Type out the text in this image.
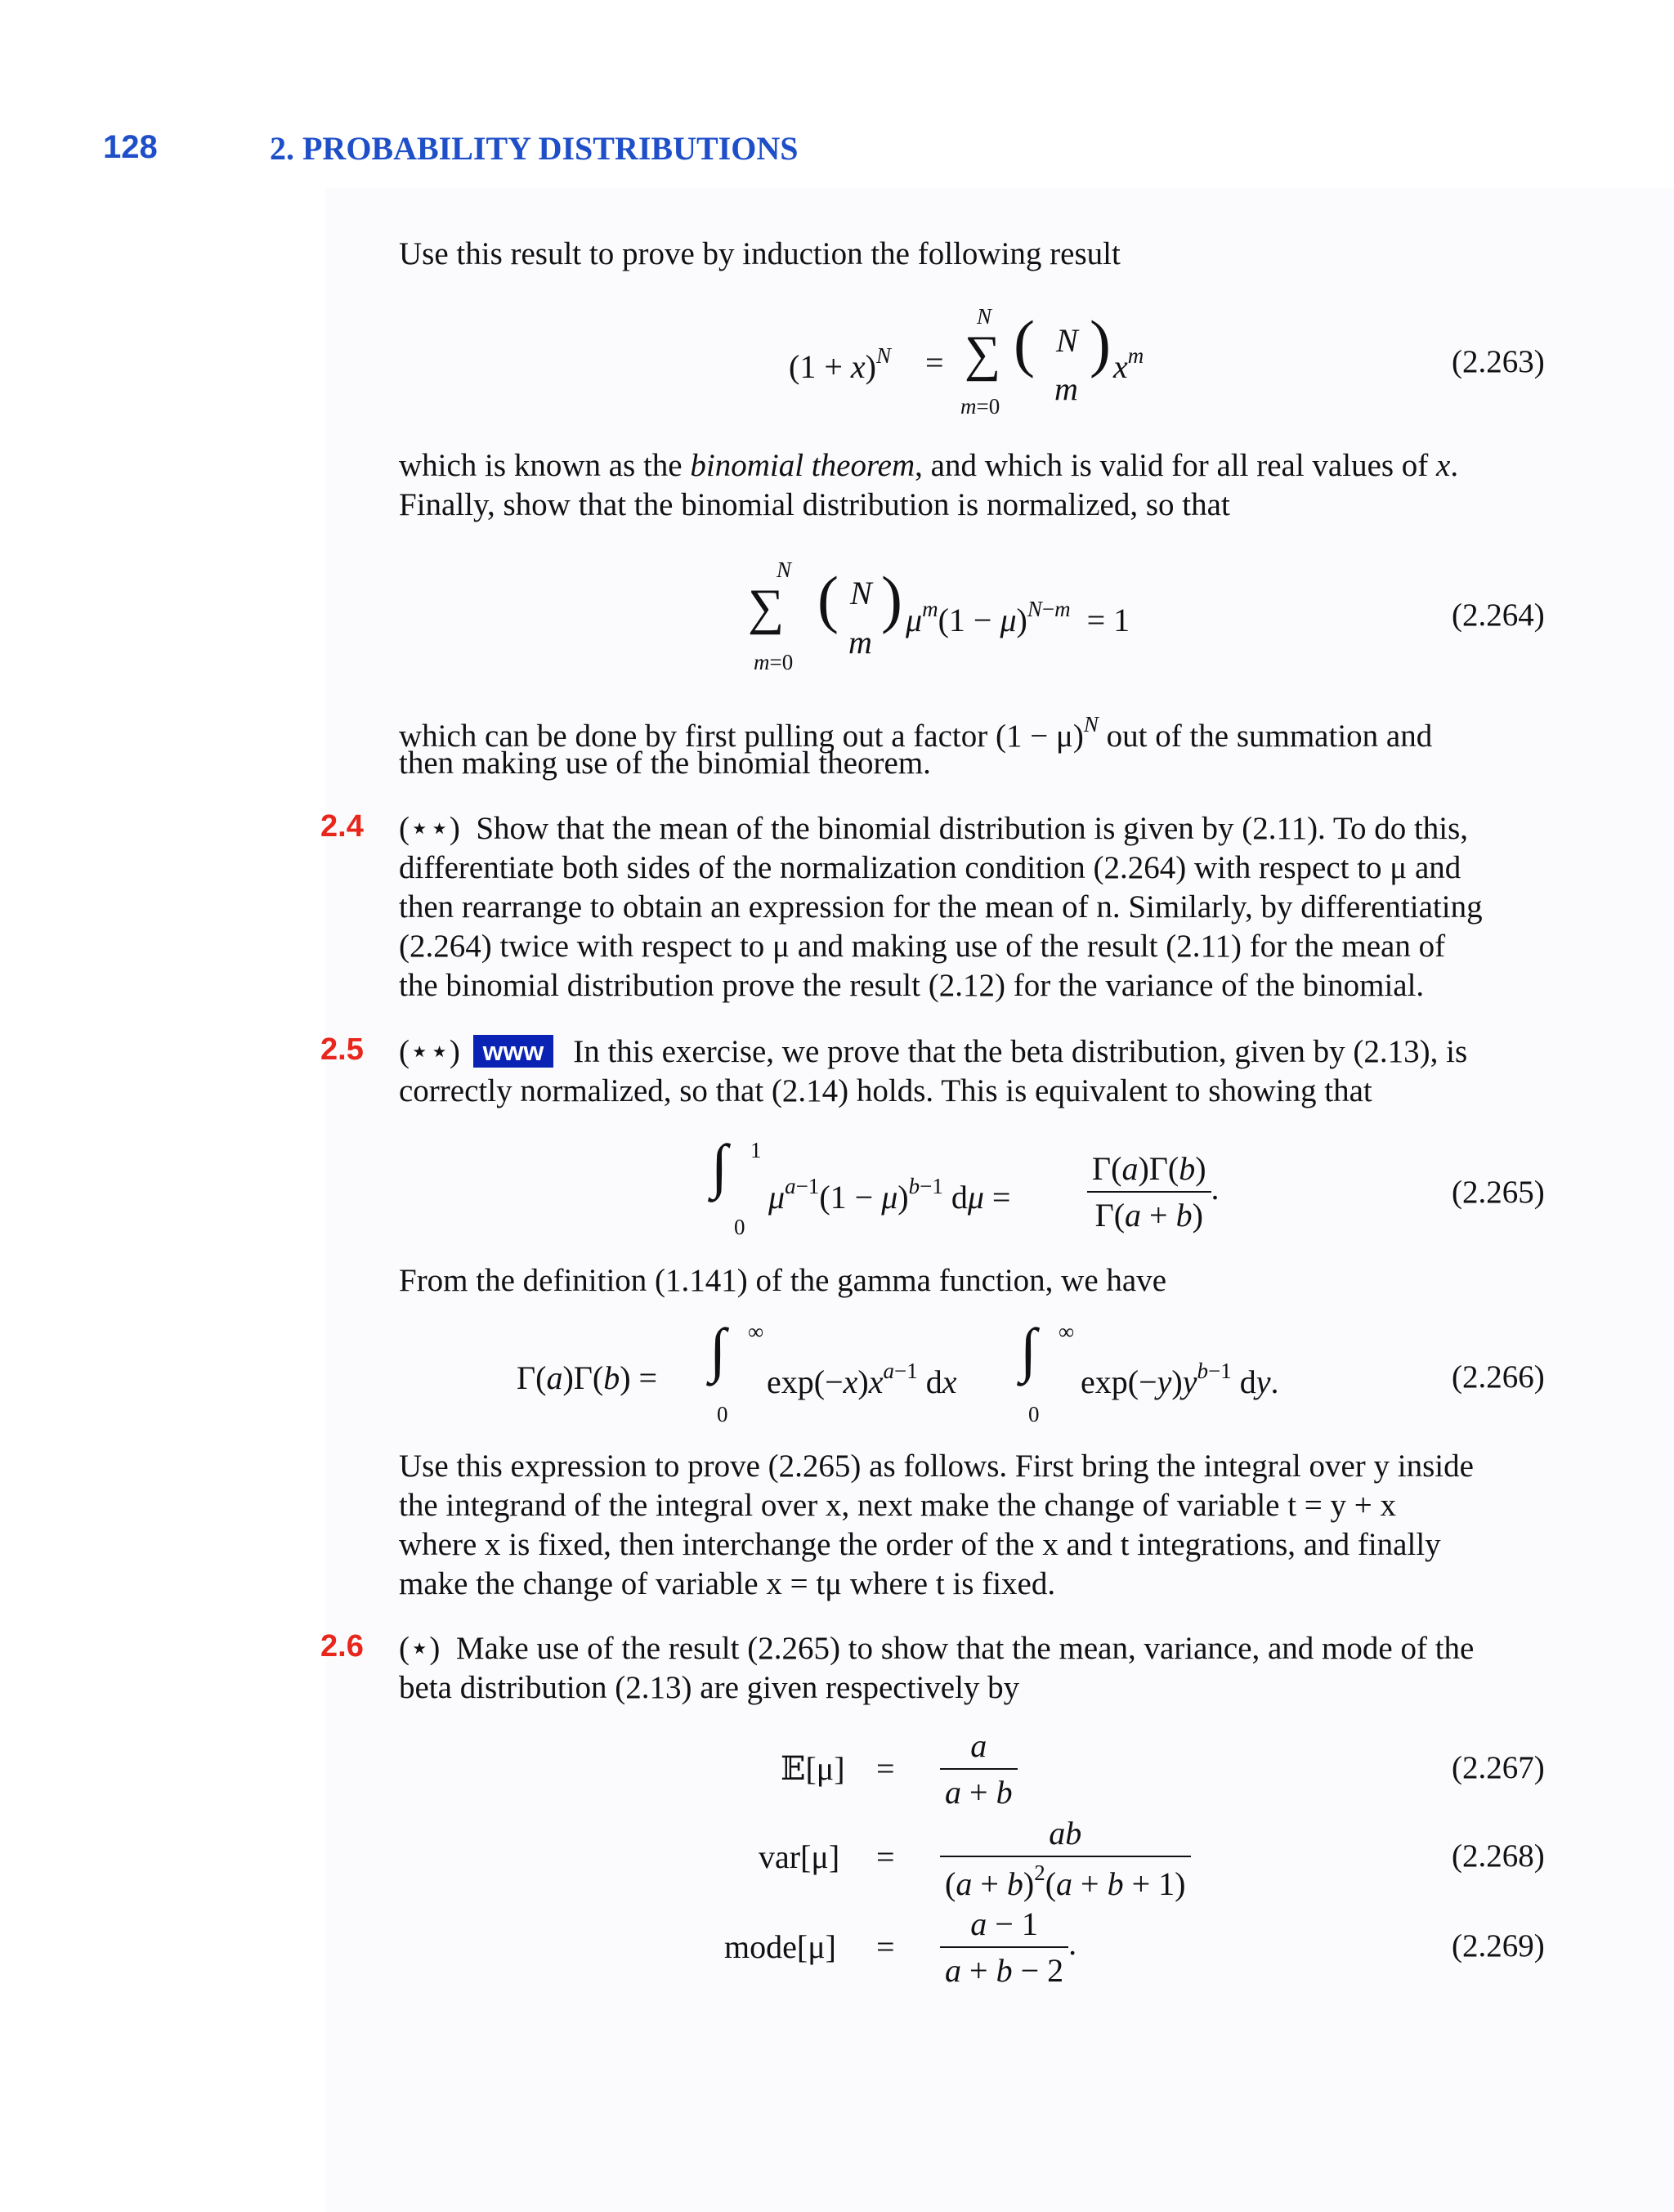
128	2. PROBABILITY DISTRIBUTIONS
Use this result to prove by induction the following result
$(1 + x)^N$ =
N
∑
m=0
( N
m
) $x^m$	(2.263)
which is known as the binomial theorem, and which is valid for all real values of x.
Finally, show that the binomial distribution is normalized, so that
N
∑
m=0
( N
m
) $\mu^m(1 - \mu)^{N-m} = 1$	(2.264)
which can be done by first pulling out a factor $(1 - \mu)^N$ out of the summation and
then making use of the binomial theorem.
2.4 (⋆⋆) Show that the mean of the binomial distribution is given by (2.11). To do this,
differentiate both sides of the normalization condition (2.264) with respect to μ and
then rearrange to obtain an expression for the mean of n. Similarly, by differentiating
(2.264) twice with respect to μ and making use of the result (2.11) for the mean of
the binomial distribution prove the result (2.12) for the variance of the binomial.
2.5 (⋆⋆) www In this exercise, we prove that the beta distribution, given by (2.13), is
correctly normalized, so that (2.14) holds. This is equivalent to showing that
∫ 1
0
$\mu^{a-1}(1 - \mu)^{b-1}$ $d\mu = \frac{\Gamma(a)\Gamma(b)}{\Gamma(a + b)}$ .	(2.265)
From the definition (1.141) of the gamma function, we have
Γ(a)Γ(b) = ∫ ∞
0
$\exp(-x)x^{a-1}$ dx ∫ ∞
0
$\exp(-y)y^{b-1}$ dy.	(2.266)
Use this expression to prove (2.265) as follows. First bring the integral over y inside
the integrand of the integral over x, next make the change of variable t = y + x
where x is fixed, then interchange the order of the x and t integrations, and finally
make the change of variable x = tμ where t is fixed.
2.6 (⋆) Make use of the result (2.265) to show that the mean, variance, and mode of the
beta distribution (2.13) are given respectively by
𝔼[μ] = $\frac{a}{a + b}$	(2.267)
$var[\mu] = \frac{ab}{(a + b)^2(a + b + 1)}$	(2.268)
mode[μ] = $\frac{a - 1}{a + b - 2}$ .	(2.269)
